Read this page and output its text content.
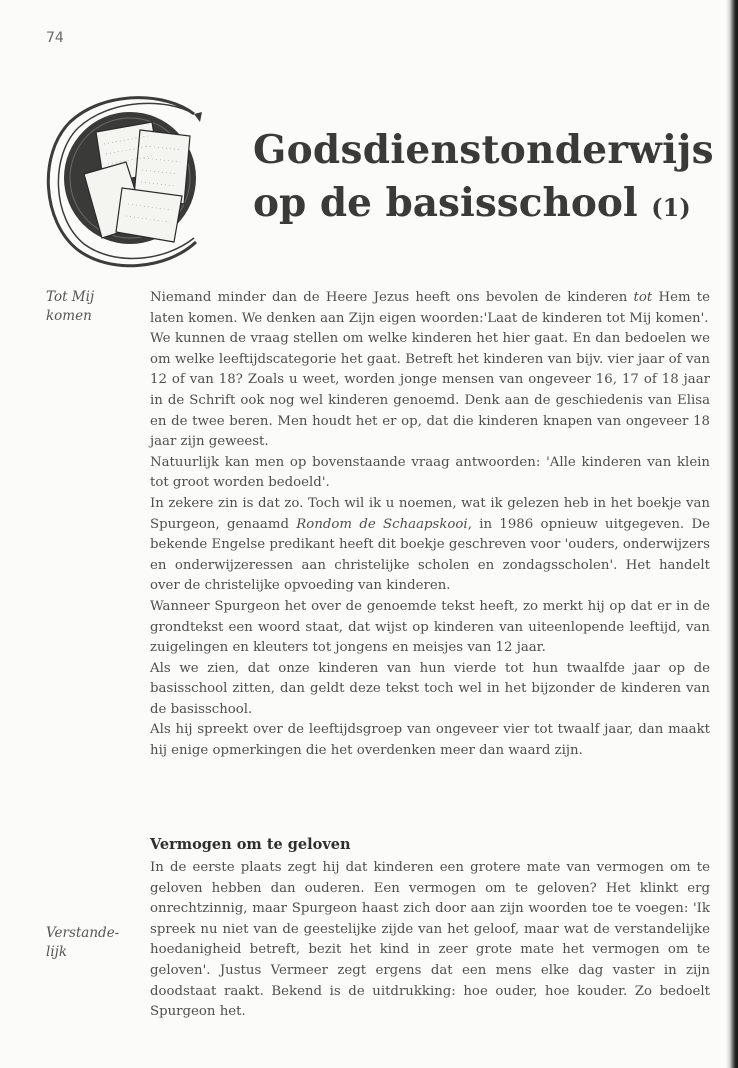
74
Godsdienstonderwijs
op de basisschool (1)
Tot Mij
komen
Verstande-
lijk

Niemand minder dan de Heere Jezus heeft ons bevolen de kinderen tot Hem te laten komen. We denken aan Zijn eigen woorden:'Laat de kinderen tot Mij komen'.

We kunnen de vraag stellen om welke kinderen het hier gaat. En dan bedoelen we om welke leeftijdscategorie het gaat. Betreft het kinderen van bijv. vier jaar of van 12 of van 18? Zoals u weet, worden jonge mensen van ongeveer 16, 17 of 18 jaar in de Schrift ook nog wel kinderen genoemd. Denk aan de geschiedenis van Elisa en de twee beren. Men houdt het er op, dat die kinderen knapen van ongeveer 18 jaar zijn geweest.

Natuurlijk kan men op bovenstaande vraag antwoorden: 'Alle kinderen van klein tot groot worden bedoeld'.

In zekere zin is dat zo. Toch wil ik u noemen, wat ik gelezen heb in het boekje van Spurgeon, genaamd Rondom de Schaapskooi, in 1986 opnieuw uitgegeven. De bekende Engelse predikant heeft dit boekje geschreven voor 'ouders, onderwijzers en onderwijzeressen aan christelijke scholen en zondagsscholen'. Het handelt over de christelijke opvoeding van kinderen.

Wanneer Spurgeon het over de genoemde tekst heeft, zo merkt hij op dat er in de grondtekst een woord staat, dat wijst op kinderen van uiteenlopende leeftijd, van zuigelingen en kleuters tot jongens en meisjes van 12 jaar.

Als we zien, dat onze kinderen van hun vierde tot hun twaalfde jaar op de basisschool zitten, dan geldt deze tekst toch wel in het bijzonder de kinderen van de basisschool.

Als hij spreekt over de leeftijdsgroep van ongeveer vier tot twaalf jaar, dan maakt hij enige opmerkingen die het overdenken meer dan waard zijn.

Vermogen om te geloven

In de eerste plaats zegt hij dat kinderen een grotere mate van vermogen om te geloven hebben dan ouderen. Een vermogen om te geloven? Het klinkt erg onrechtzinnig, maar Spurgeon haast zich door aan zijn woorden toe te voegen: 'Ik spreek nu niet van de geestelijke zijde van het geloof, maar wat de verstandelijke hoedanigheid betreft, bezit het kind in zeer grote mate het vermogen om te geloven'. Justus Vermeer zegt ergens dat een mens elke dag vaster in zijn doodstaat raakt. Bekend is de uitdrukking: hoe ouder, hoe kouder. Zo bedoelt Spurgeon het.
